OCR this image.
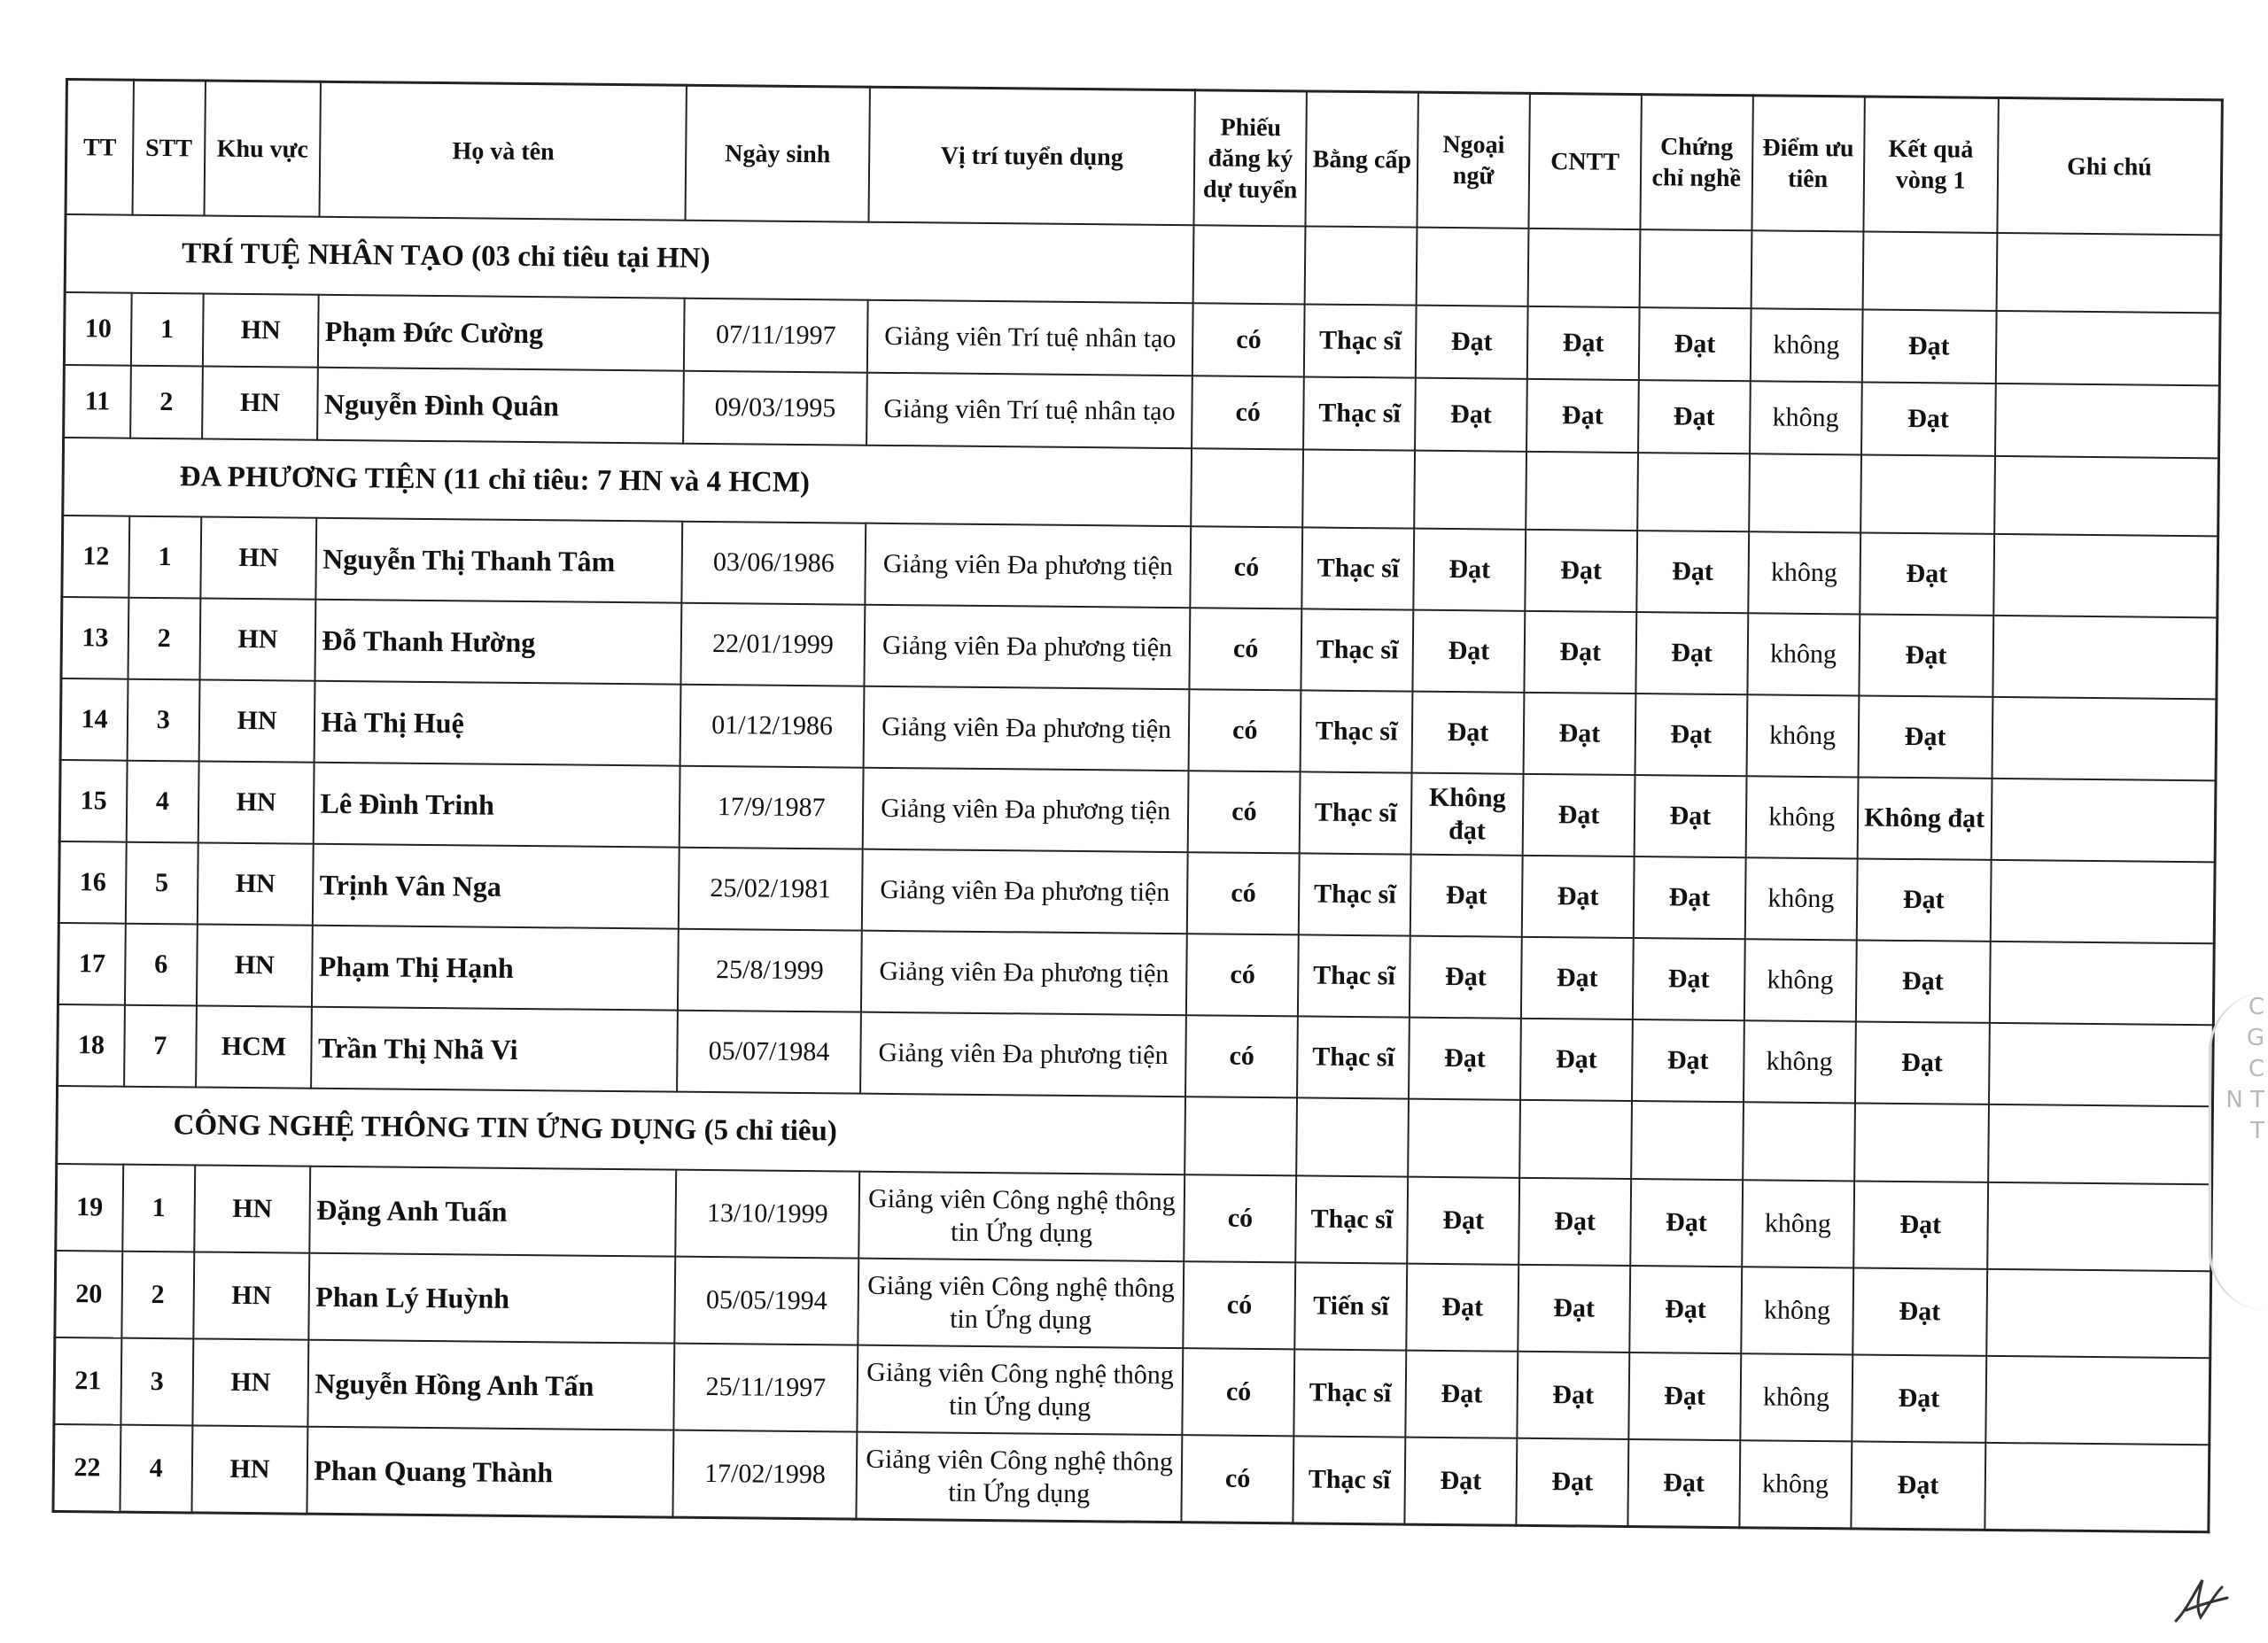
TT	STT	Khu vực	Họ và tên	Ngày sinh	Vị trí tuyển dụng	Phiếu đăng ký dự tuyển	Bằng cấp	Ngoại ngữ	CNTT	Chứng chỉ nghề	Điểm ưu tiên	Kết quả vòng 1	Ghi chú
TRÍ TUỆ NHÂN TẠO (03 chỉ tiêu tại HN)													
10	1	HN	Phạm Đức Cường	07/11/1997	Giảng viên Trí tuệ nhân tạo	có	Thạc sĩ	Đạt	Đạt	Đạt	không	Đạt	
11	2	HN	Nguyễn Đình Quân	09/03/1995	Giảng viên Trí tuệ nhân tạo	có	Thạc sĩ	Đạt	Đạt	Đạt	không	Đạt	
ĐA PHƯƠNG TIỆN (11 chỉ tiêu: 7 HN và 4 HCM)													
12	1	HN	Nguyễn Thị Thanh Tâm	03/06/1986	Giảng viên Đa phương tiện	có	Thạc sĩ	Đạt	Đạt	Đạt	không	Đạt	
13	2	HN	Đỗ Thanh Hường	22/01/1999	Giảng viên Đa phương tiện	có	Thạc sĩ	Đạt	Đạt	Đạt	không	Đạt	
14	3	HN	Hà Thị Huệ	01/12/1986	Giảng viên Đa phương tiện	có	Thạc sĩ	Đạt	Đạt	Đạt	không	Đạt	
15	4	HN	Lê Đình Trinh	17/9/1987	Giảng viên Đa phương tiện	có	Thạc sĩ	Không đạt	Đạt	Đạt	không	Không đạt	
16	5	HN	Trịnh Vân Nga	25/02/1981	Giảng viên Đa phương tiện	có	Thạc sĩ	Đạt	Đạt	Đạt	không	Đạt	
17	6	HN	Phạm Thị Hạnh	25/8/1999	Giảng viên Đa phương tiện	có	Thạc sĩ	Đạt	Đạt	Đạt	không	Đạt	
18	7	HCM	Trần Thị Nhã Vi	05/07/1984	Giảng viên Đa phương tiện	có	Thạc sĩ	Đạt	Đạt	Đạt	không	Đạt	
CÔNG NGHỆ THÔNG TIN ỨNG DỤNG (5 chỉ tiêu)													
19	1	HN	Đặng Anh Tuấn	13/10/1999	Giảng viên Công nghệ thông tin Ứng dụng	có	Thạc sĩ	Đạt	Đạt	Đạt	không	Đạt	
20	2	HN	Phan Lý Huỳnh	05/05/1994	Giảng viên Công nghệ thông tin Ứng dụng	có	Tiến sĩ	Đạt	Đạt	Đạt	không	Đạt	
21	3	HN	Nguyễn Hồng Anh Tấn	25/11/1997	Giảng viên Công nghệ thông tin Ứng dụng	có	Thạc sĩ	Đạt	Đạt	Đạt	không	Đạt	
22	4	HN	Phan Quang Thành	17/02/1998	Giảng viên Công nghệ thông tin Ứng dụng	có	Thạc sĩ	Đạt	Đạt	Đạt	không	Đạt	
C
G
C
N T
T
